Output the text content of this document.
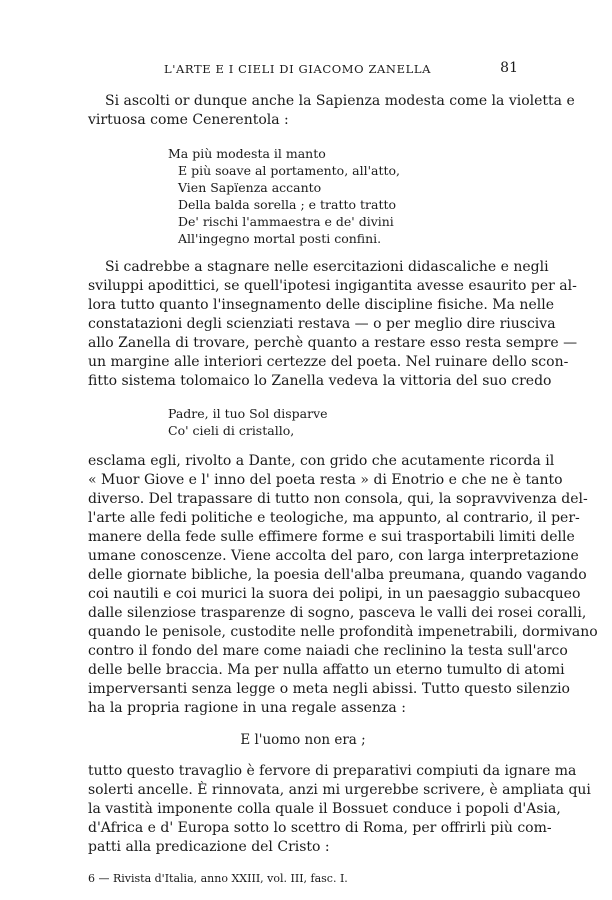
L'ARTE E I CIELI DI GIACOMO ZANELLA	81
Si ascolti or dunque anche la Sapienza modesta come la violetta e
virtuosa come Cenerentola :
Ma più modesta il manto
E più soave al portamento, all'atto,
Vien Sapïenza accanto
Della balda sorella ; e tratto tratto
De' rischi l'ammaestra e de' divini
All'ingegno mortal posti confini.
Si cadrebbe a stagnare nelle esercitazioni didascaliche e negli
sviluppi apodittici, se quell'ipotesi ingigantita avesse esaurito per al-
lora tutto quanto l'insegnamento delle discipline fisiche. Ma nelle
constatazioni degli scienziati restava — o per meglio dire riusciva
allo Zanella di trovare, perchè quanto a restare esso resta sempre —
un margine alle interiori certezze del poeta. Nel ruinare dello scon-
fitto sistema tolomaico lo Zanella vedeva la vittoria del suo credo
Padre, il tuo Sol disparve
Co' cieli di cristallo,
esclama egli, rivolto a Dante, con grido che acutamente ricorda il
« Muor Giove e l' inno del poeta resta » di Enotrio e che ne è tanto
diverso. Del trapassare di tutto non consola, qui, la sopravvivenza del-
l'arte alle fedi politiche e teologiche, ma appunto, al contrario, il per-
manere della fede sulle effimere forme e sui trasportabili limiti delle
umane conoscenze. Viene accolta del paro, con larga interpretazione
delle giornate bibliche, la poesia dell'alba preumana, quando vagando
coi nautili e coi murici la suora dei polipi, in un paesaggio subacqueo
dalle silenziose trasparenze di sogno, pasceva le valli dei rosei coralli,
quando le penisole, custodite nelle profondità impenetrabili, dormivano
contro il fondo del mare come naiadi che reclinino la testa sull'arco
delle belle braccia. Ma per nulla affatto un eterno tumulto di atomi
imperversanti senza legge o meta negli abissi. Tutto questo silenzio
ha la propria ragione in una regale assenza :
E l'uomo non era ;
tutto questo travaglio è fervore di preparativi compiuti da ignare ma
solerti ancelle. È rinnovata, anzi mi urgerebbe scrivere, è ampliata qui
la vastità imponente colla quale il Bossuet conduce i popoli d'Asia,
d'Africa e d' Europa sotto lo scettro di Roma, per offrirli più com-
patti alla predicazione del Cristo :
6 — Rivista d'Italia, anno XXIII, vol. III, fasc. I.
